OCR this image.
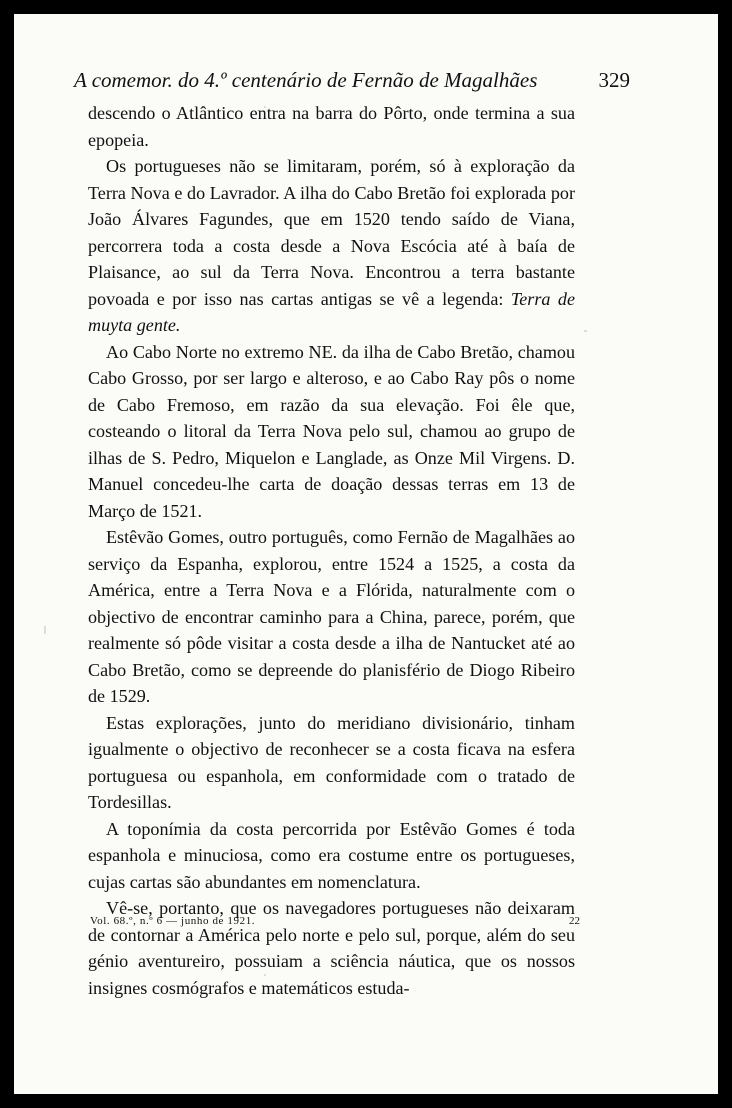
A comemor. do 4.º centenário de Fernão de Magalhães	329

descendo o Atlântico entra na barra do Pôrto, onde termina a sua epopeia.

Os portugueses não se limitaram, porém, só à exploração da Terra Nova e do Lavrador. A ilha do Cabo Bretão foi explorada por João Álvares Fagundes, que em 1520 tendo saído de Viana, percorrera toda a costa desde a Nova Escócia até à baía de Plaisance, ao sul da Terra Nova. Encontrou a terra bastante povoada e por isso nas cartas antigas se vê a legenda: Terra de muyta gente.

Ao Cabo Norte no extremo NE. da ilha de Cabo Bretão, chamou Cabo Grosso, por ser largo e alteroso, e ao Cabo Ray pôs o nome de Cabo Fremoso, em razão da sua elevação. Foi êle que, costeando o litoral da Terra Nova pelo sul, chamou ao grupo de ilhas de S. Pedro, Miquelon e Langlade, as Onze Mil Virgens. D. Manuel concedeu-lhe carta de doação dessas terras em 13 de Março de 1521.

Estêvão Gomes, outro português, como Fernão de Magalhães ao serviço da Espanha, explorou, entre 1524 a 1525, a costa da América, entre a Terra Nova e a Flórida, naturalmente com o objectivo de encontrar caminho para a China, parece, porém, que realmente só pôde visitar a costa desde a ilha de Nantucket até ao Cabo Bretão, como se depreende do planisfério de Diogo Ribeiro de 1529.

Estas explorações, junto do meridiano divisionário, tinham igualmente o objectivo de reconhecer se a costa ficava na esfera portuguesa ou espanhola, em conformidade com o tratado de Tordesillas.

A toponímia da costa percorrida por Estêvão Gomes é toda espanhola e minuciosa, como era costume entre os portugueses, cujas cartas são abundantes em nomenclatura.

Vê-se, portanto, que os navegadores portugueses não deixaram de contornar a América pelo norte e pelo sul, porque, além do seu génio aventureiro, possuiam a sciência náutica, que os nossos insignes cosmógrafos e matemáticos estuda-

Vol. 68.º, n.º 6 — junho de 1921.	22
